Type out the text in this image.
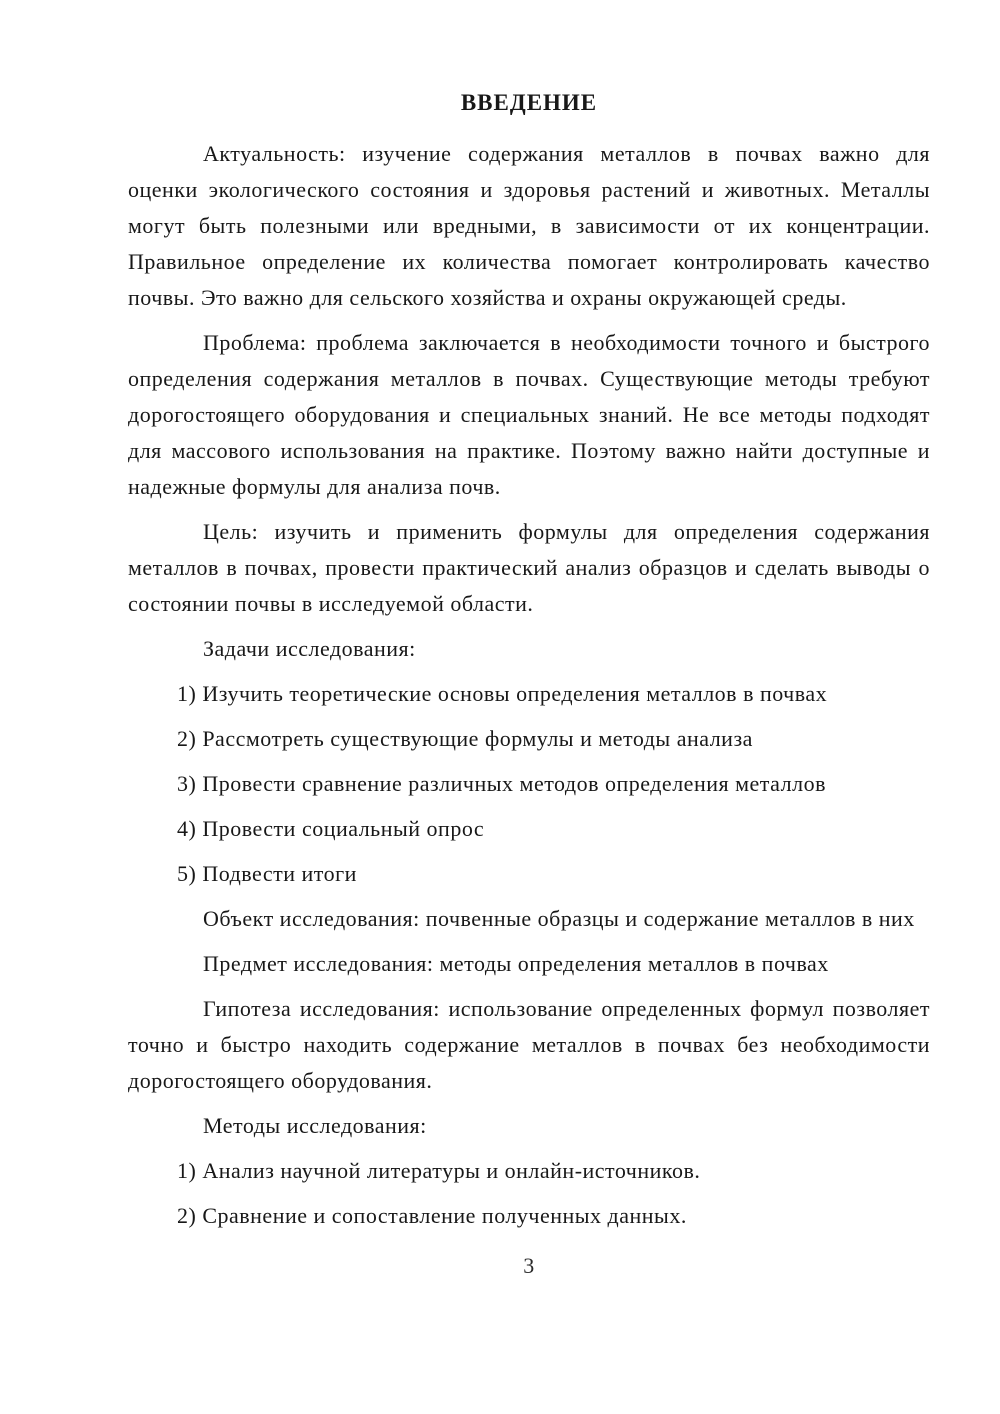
ВВЕДЕНИЕ

Актуальность: изучение содержания металлов в почвах важно для оценки экологического состояния и здоровья растений и животных. Металлы могут быть полезными или вредными, в зависимости от их концентрации. Правильное определение их количества помогает контролировать качество почвы. Это важно для сельского хозяйства и охраны окружающей среды.

Проблема: проблема заключается в необходимости точного и быстрого определения содержания металлов в почвах. Существующие методы требуют дорогостоящего оборудования и специальных знаний. Не все методы подходят для массового использования на практике. Поэтому важно найти доступные и надежные формулы для анализа почв.

Цель: изучить и применить формулы для определения содержания металлов в почвах, провести практический анализ образцов и сделать выводы о состоянии почвы в исследуемой области.

Задачи исследования:

1) Изучить теоретические основы определения металлов в почвах

2) Рассмотреть существующие формулы и методы анализа

3) Провести сравнение различных методов определения металлов

4) Провести социальный опрос

5) Подвести итоги

Объект исследования: почвенные образцы и содержание металлов в них

Предмет исследования: методы определения металлов в почвах

Гипотеза исследования: использование определенных формул позволяет точно и быстро находить содержание металлов в почвах без необходимости дорогостоящего оборудования.

Методы исследования:

1) Анализ научной литературы и онлайн-источников.

2) Сравнение и сопоставление полученных данных.

3
